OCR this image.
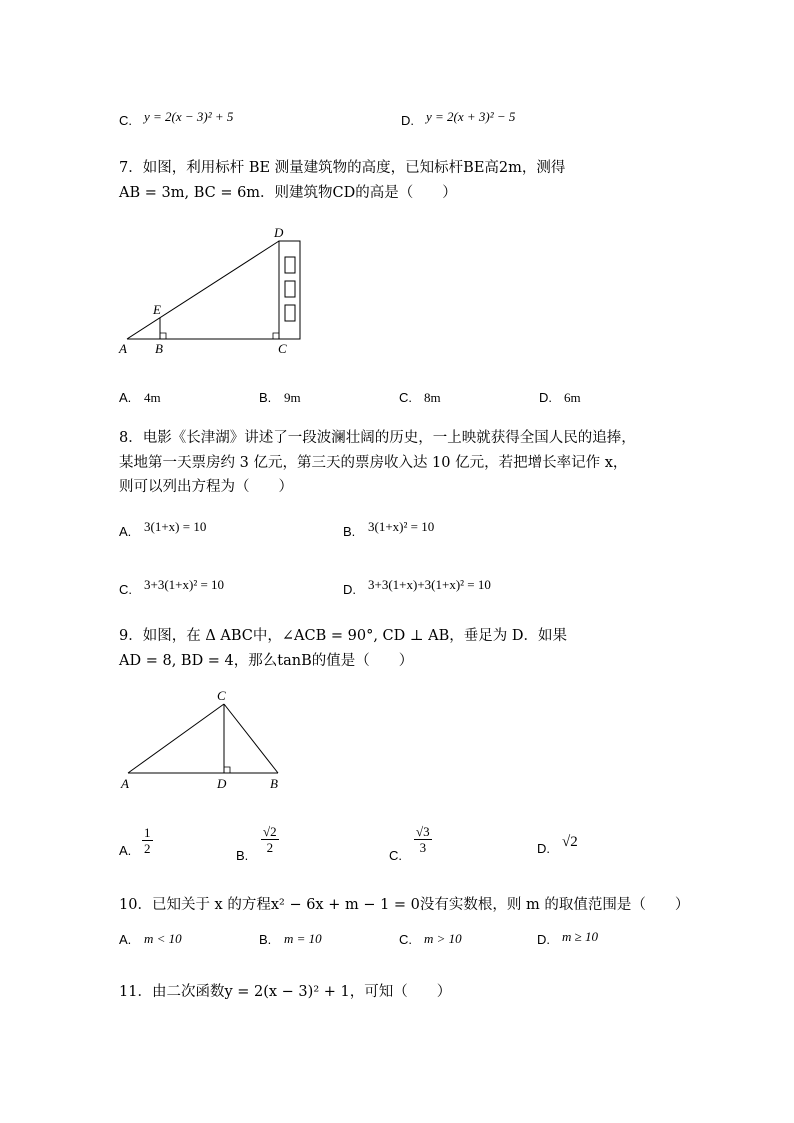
C. y = 2(x − 3)² + 5	D. y = 2(x + 3)² − 5
7．如图，利用标杆 BE 测量建筑物的高度，已知标杆BE高2m，测得
AB = 3m, BC = 6m．则建筑物CD的高是（　　）
A B	C
D
E
A. 4m	B. 9m	C. 8m	D. 6m
8．电影《长津湖》讲述了一段波澜壮阔的历史，一上映就获得全国人民的追捧，
某地第一天票房约 3 亿元，第三天的票房收入达 10 亿元，若把增长率记作 x，
则可以列出方程为（　　）
A. 3(1+x) = 10	B. 3(1+x)² = 10
C. 3+3(1+x)² = 10	D. 3+3(1+x)+3(1+x)² = 10
9．如图，在 Δ ABC中，∠ACB = 90°, CD ⊥ AB，垂足为 D．如果
AD = 8, BD = 4，那么tanB的值是（　　）
A	B
C
D
A. $\frac{1}{2}$	B.
$\frac{√2}{2}$
C.
$\frac{√3}{3}$	D. √2
10．已知关于 x 的方程x² − 6x + m − 1 = 0没有实数根，则 m 的取值范围是（　　）
A. m < 10	B. m = 10	C. m > 10	D. m ≥ 10
11．由二次函数y = 2(x − 3)² + 1，可知（　　）
